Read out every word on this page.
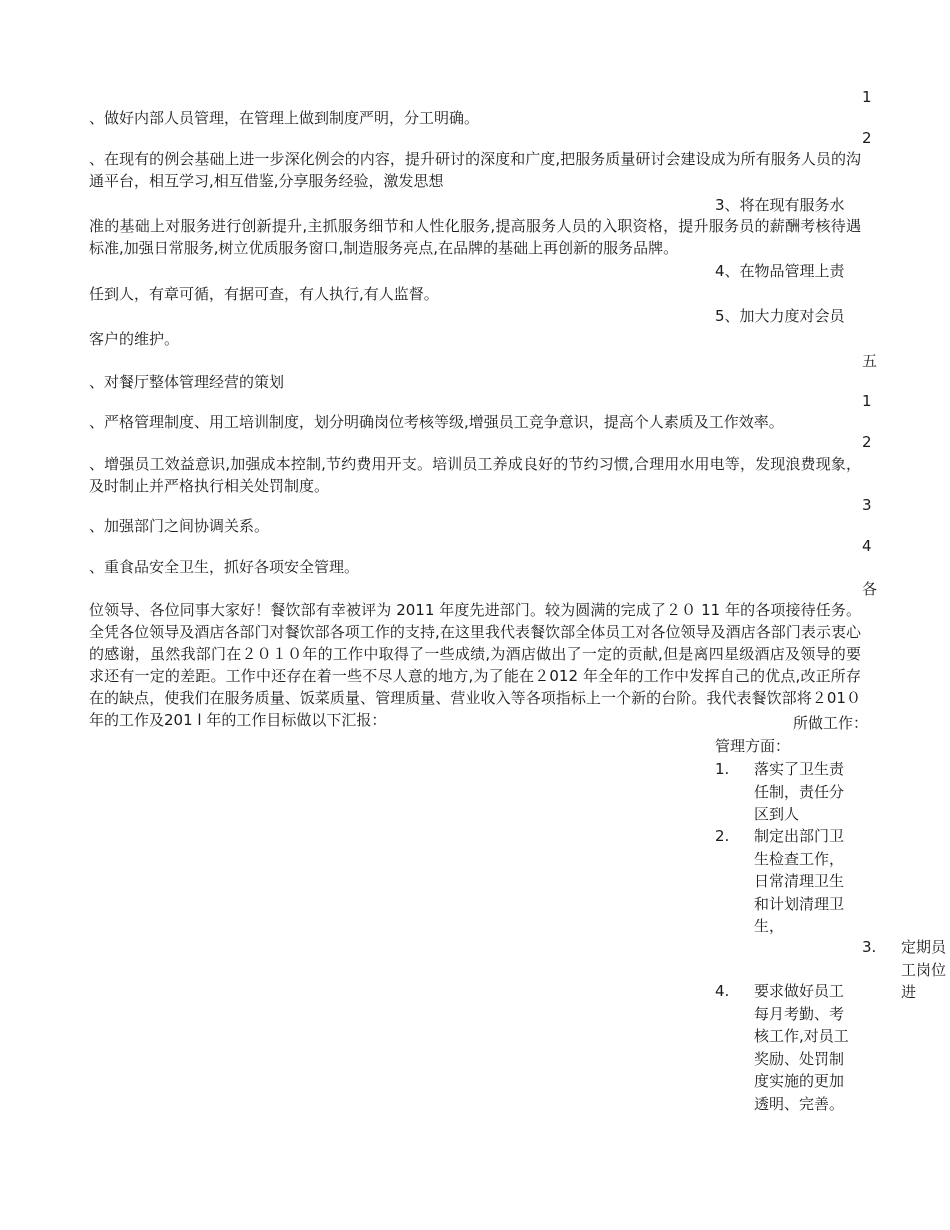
1
、做好内部人员管理，在管理上做到制度严明，分工明确。
2
、在现有的例会基础上进一步深化例会的内容，提升研讨的深度和广度,把服务质量研讨会建设成为所有服务人员的沟通平台，相互学习,相互借鉴,分享服务经验，激发思想
3、将在现有服务水
准的基础上对服务进行创新提升,主抓服务细节和人性化服务,提高服务人员的入职资格，提升服务员的薪酬考核待遇标准,加强日常服务,树立优质服务窗口,制造服务亮点,在品牌的基础上再创新的服务品牌。
4、在物品管理上责
任到人，有章可循，有据可查，有人执行,有人监督。
5、加大力度对会员
客户的维护。
五
、对餐厅整体管理经营的策划
1
、严格管理制度、用工培训制度，划分明确岗位考核等级,增强员工竞争意识，提高个人素质及工作效率。
2
、增强员工效益意识,加强成本控制,节约费用开支。培训员工养成良好的节约习惯,合理用水用电等，发现浪费现象，及时制止并严格执行相关处罚制度。
3
、加强部门之间协调关系。
4
、重食品安全卫生，抓好各项安全管理。
各
位领导、各位同事大家好！餐饮部有幸被评为 2011 年度先进部门。较为圆满的完成了２０ 11 年的各项接待任务。全凭各位领导及酒店各部门对餐饮部各项工作的支持,在这里我代表餐饮部全体员工对各位领导及酒店各部门表示衷心的感谢，虽然我部门在２０１０年的工作中取得了一些成绩,为酒店做出了一定的贡献,但是离四星级酒店及领导的要求还有一定的差距。工作中还存在着一些不尽人意的地方,为了能在２012 年全年的工作中发挥自己的优点,改正所存在的缺点，使我们在服务质量、饭菜质量、管理质量、营业收入等各项指标上一个新的台阶。我代表餐饮部将２01０年的工作及201 l 年的工作目标做以下汇报：	所做工作：
管理方面：
1. 落实了卫生责任制，责任分区到人
2. 制定出部门卫生检查工作，日常清理卫生和计划清理卫生，
3. 定期员工岗位进
4. 要求做好员工每月考勤、考核工作,对员工奖励、处罚制度实施的更加透明、完善。
